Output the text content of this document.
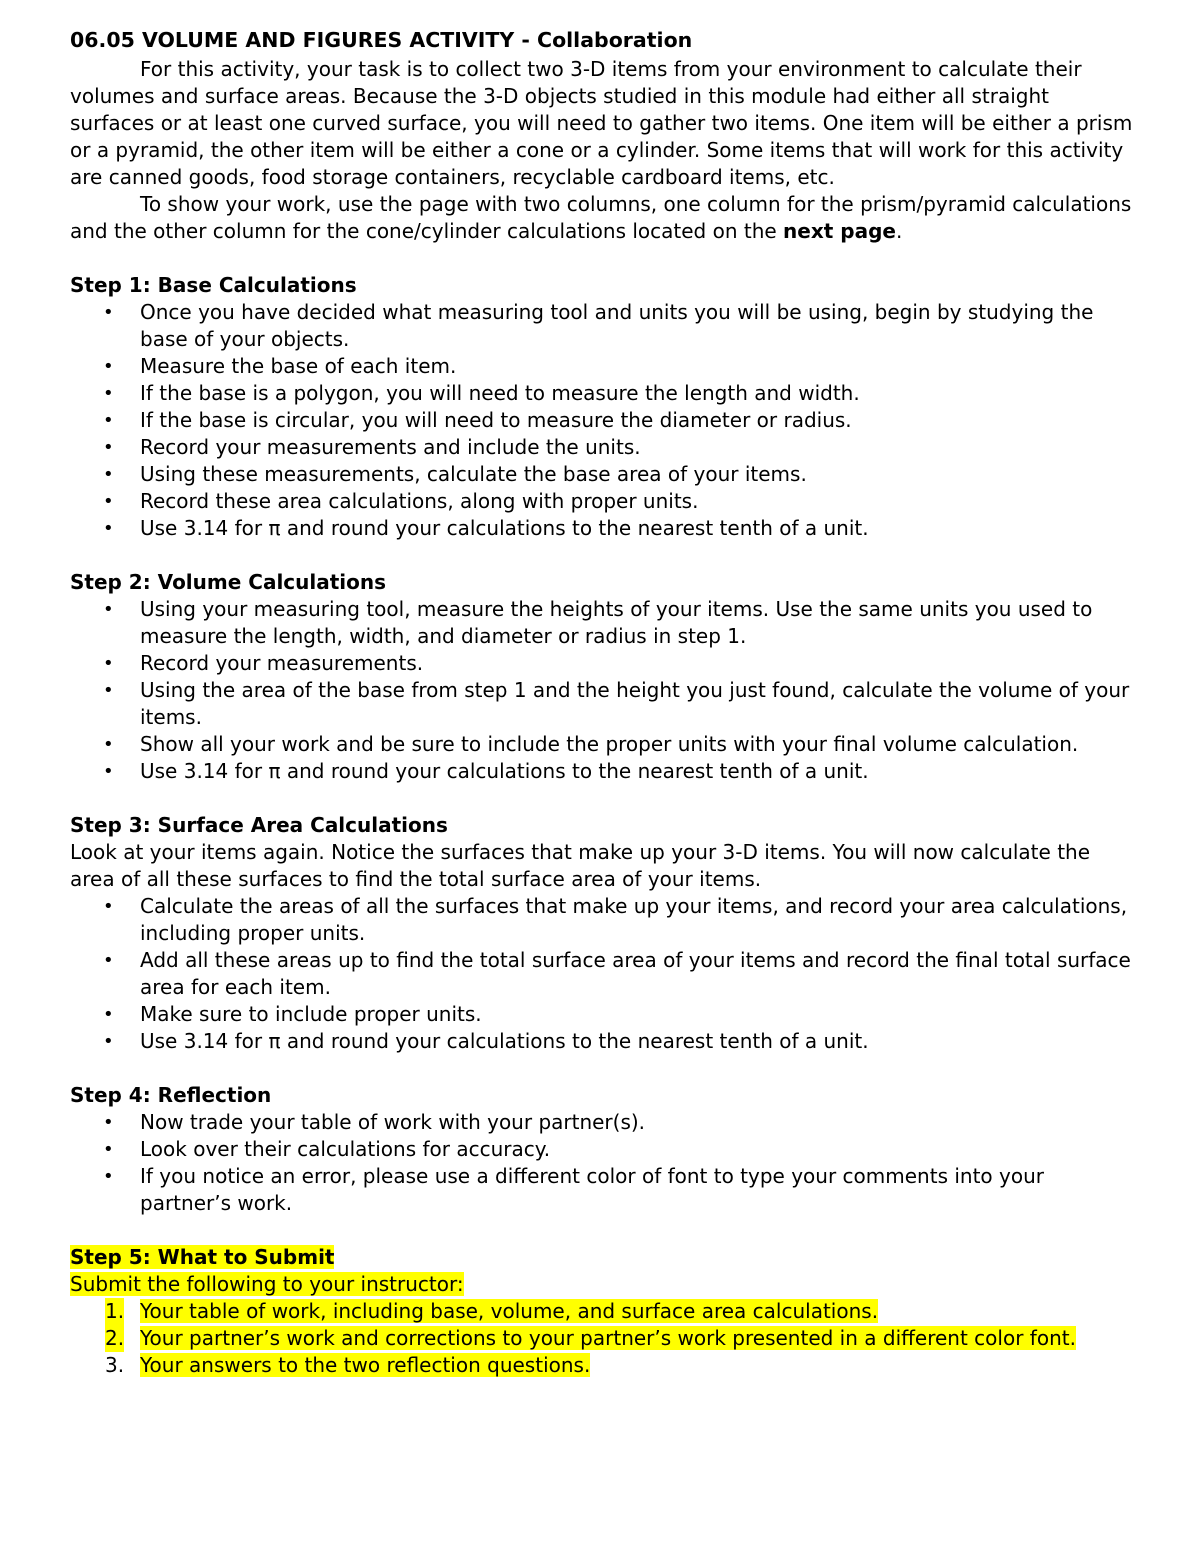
06.05 VOLUME AND FIGURES ACTIVITY - Collaboration

For this activity, your task is to collect two 3-D items from your environment to calculate their volumes and surface areas. Because the 3-D objects studied in this module had either all straight surfaces or at least one curved surface, you will need to gather two items. One item will be either a prism or a pyramid, the other item will be either a cone or a cylinder. Some items that will work for this activity are canned goods, food storage containers, recyclable cardboard items, etc.

To show your work, use the page with two columns, one column for the prism/pyramid calculations and the other column for the cone/cylinder calculations located on the next page.

Step 1: Base Calculations
• Once you have decided what measuring tool and units you will be using, begin by studying the base of your objects.
• Measure the base of each item.
• If the base is a polygon, you will need to measure the length and width.
• If the base is circular, you will need to measure the diameter or radius.
• Record your measurements and include the units.
• Using these measurements, calculate the base area of your items.
• Record these area calculations, along with proper units.
• Use 3.14 for π and round your calculations to the nearest tenth of a unit.
Step 2: Volume Calculations
• Using your measuring tool, measure the heights of your items. Use the same units you used to measure the length, width, and diameter or radius in step 1.
• Record your measurements.
• Using the area of the base from step 1 and the height you just found, calculate the volume of your items.
• Show all your work and be sure to include the proper units with your final volume calculation.
• Use 3.14 for π and round your calculations to the nearest tenth of a unit.
Step 3: Surface Area Calculations

Look at your items again. Notice the surfaces that make up your 3-D items. You will now calculate the area of all these surfaces to find the total surface area of your items.

• Calculate the areas of all the surfaces that make up your items, and record your area calculations, including proper units.
• Add all these areas up to find the total surface area of your items and record the final total surface area for each item.
• Make sure to include proper units.
• Use 3.14 for π and round your calculations to the nearest tenth of a unit.
Step 4: Reflection
• Now trade your table of work with your partner(s).
• Look over their calculations for accuracy.
• If you notice an error, please use a different color of font to type your comments into your partner’s work.
Step 5: What to Submit

Submit the following to your instructor:

1. Your table of work, including base, volume, and surface area calculations.
2. Your partner’s work and corrections to your partner’s work presented in a different color font.
3. Your answers to the two reflection questions.
